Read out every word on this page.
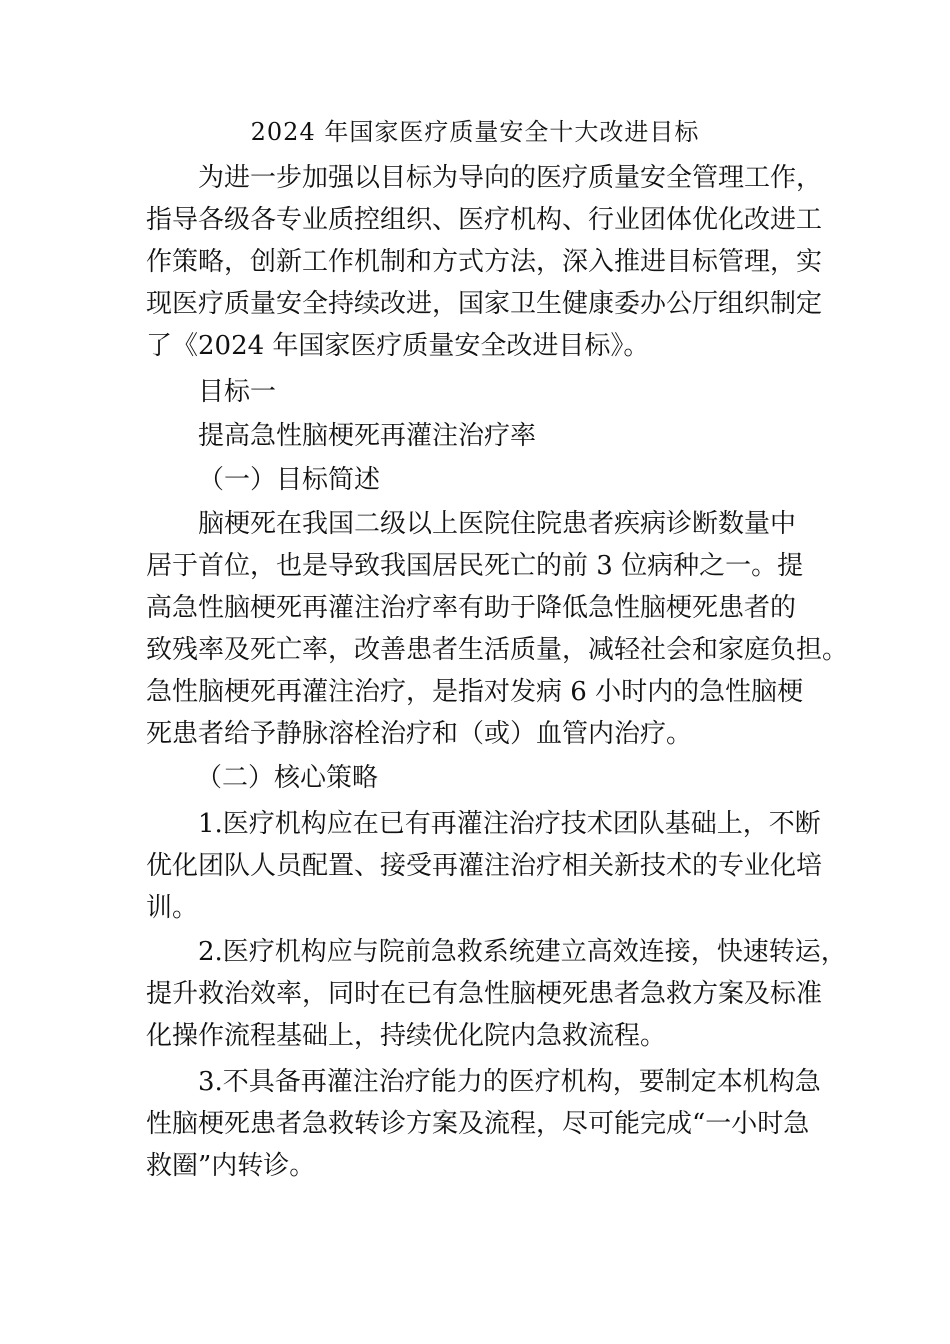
2024 年国家医疗质量安全十大改进目标
为进一步加强以目标为导向的医疗质量安全管理工作，
指导各级各专业质控组织、医疗机构、行业团体优化改进工
作策略，创新工作机制和方式方法，深入推进目标管理，实
现医疗质量安全持续改进，国家卫生健康委办公厅组织制定
了《2024 年国家医疗质量安全改进目标》。
目标一
提高急性脑梗死再灌注治疗率
（一）目标简述
脑梗死在我国二级以上医院住院患者疾病诊断数量中
居于首位，也是导致我国居民死亡的前 3 位病种之一。提
高急性脑梗死再灌注治疗率有助于降低急性脑梗死患者的
致残率及死亡率，改善患者生活质量，减轻社会和家庭负担。
急性脑梗死再灌注治疗，是指对发病 6 小时内的急性脑梗
死患者给予静脉溶栓治疗和（或）血管内治疗。
（二）核心策略
1.医疗机构应在已有再灌注治疗技术团队基础上，不断
优化团队人员配置、接受再灌注治疗相关新技术的专业化培
训。
2.医疗机构应与院前急救系统建立高效连接，快速转运，
提升救治效率，同时在已有急性脑梗死患者急救方案及标准
化操作流程基础上，持续优化院内急救流程。
3.不具备再灌注治疗能力的医疗机构，要制定本机构急
性脑梗死患者急救转诊方案及流程，尽可能完成“一小时急
救圈”内转诊。
